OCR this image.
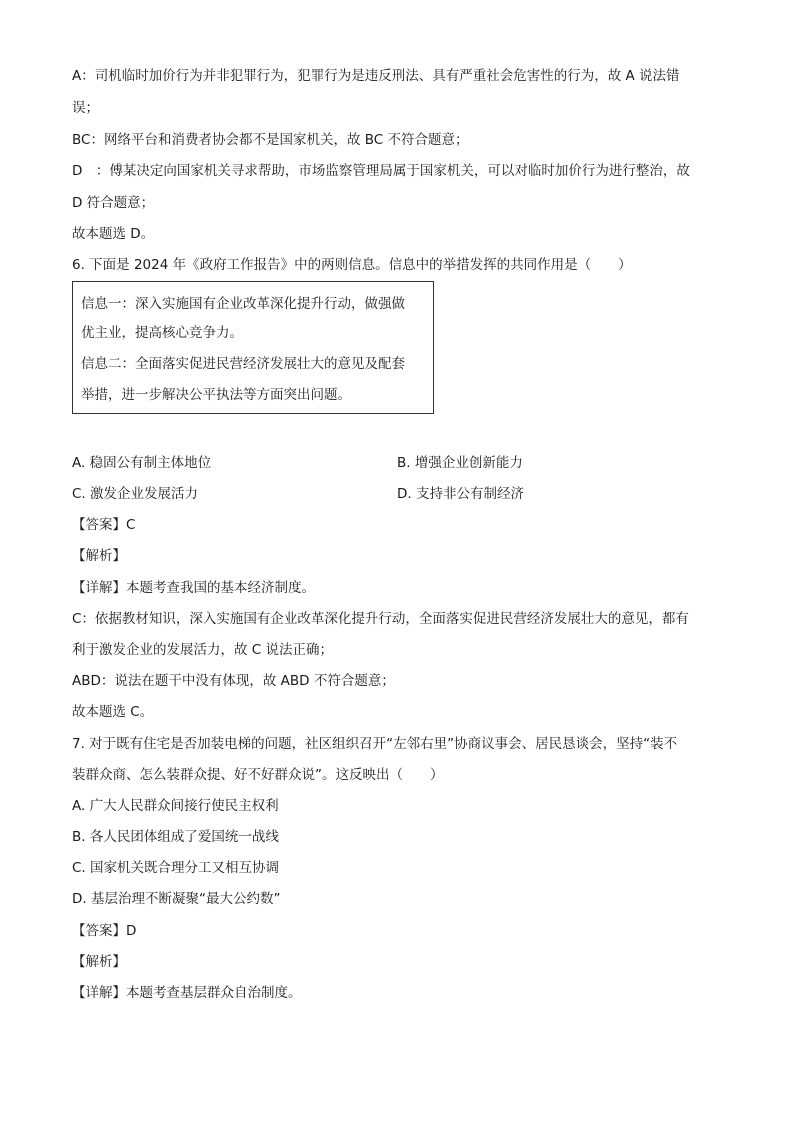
A：司机临时加价行为并非犯罪行为，犯罪行为是违反刑法、具有严重社会危害性的行为，故 A 说法错
误；
BC：网络平台和消费者协会都不是国家机关，故 BC 不符合题意；
D　：傅某决定向国家机关寻求帮助，市场监察管理局属于国家机关，可以对临时加价行为进行整治，故
D 符合题意；
故本题选 D。
6. 下面是 2024 年《政府工作报告》中的两则信息。信息中的举措发挥的共同作用是（　　）
信息一：深入实施国有企业改革深化提升行动，做强做
优主业，提高核心竞争力。
信息二：全面落实促进民营经济发展壮大的意见及配套
举措，进一步解决公平执法等方面突出问题。
A. 稳固公有制主体地位	B. 增强企业创新能力
C. 激发企业发展活力	D. 支持非公有制经济
【答案】C
【解析】
【详解】本题考查我国的基本经济制度。
C：依据教材知识，深入实施国有企业改革深化提升行动，全面落实促进民营经济发展壮大的意见，都有
利于激发企业的发展活力，故 C 说法正确；
ABD：说法在题干中没有体现，故 ABD 不符合题意；
故本题选 C。
7. 对于既有住宅是否加装电梯的问题，社区组织召开“左邻右里”协商议事会、居民恳谈会，坚持“装不
装群众商、怎么装群众提、好不好群众说”。这反映出（　　）
A. 广大人民群众间接行使民主权利
B. 各人民团体组成了爱国统一战线
C. 国家机关既合理分工又相互协调
D. 基层治理不断凝聚“最大公约数”
【答案】D
【解析】
【详解】本题考查基层群众自治制度。
